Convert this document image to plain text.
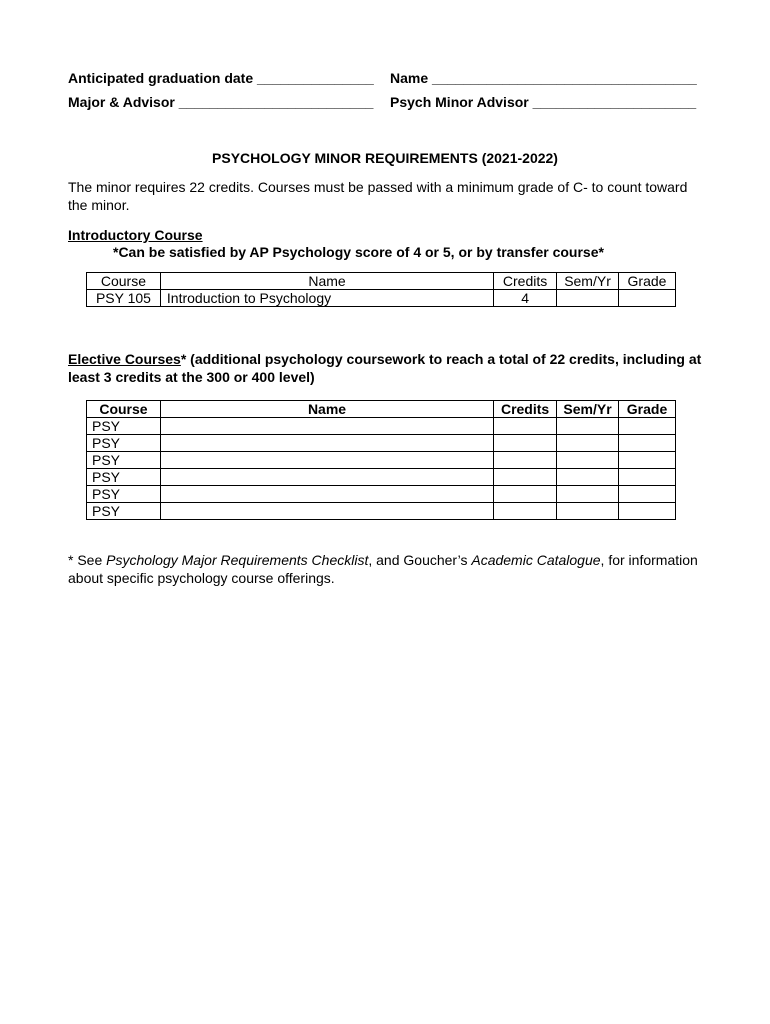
Anticipated graduation date _______________ Name __________________________________
Major & Advisor _________________________ Psych Minor Advisor _____________________
PSYCHOLOGY MINOR REQUIREMENTS (2021-2022)

The minor requires 22 credits. Courses must be passed with a minimum grade of C- to count toward the minor.

Introductory Course
*Can be satisfied by AP Psychology score of 4 or 5, or by transfer course*
Course	Name	Credits	Sem/Yr	Grade
PSY 105	Introduction to Psychology	4		

Elective Courses* (additional psychology coursework to reach a total of 22 credits, including at least 3 credits at the 300 or 400 level)

Course	Name	Credits	Sem/Yr	Grade
PSY				
PSY				
PSY				
PSY				
PSY				
PSY				

* See Psychology Major Requirements Checklist, and Goucher’s Academic Catalogue, for information about specific psychology course offerings.
